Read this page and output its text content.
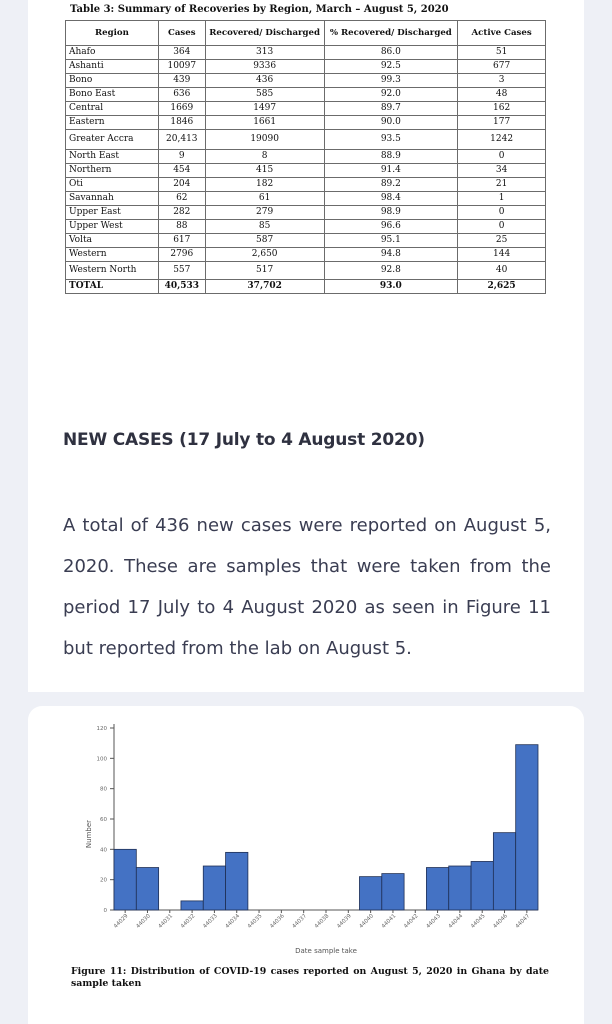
Table 3: Summary of Recoveries by Region, March – August 5, 2020
Region	Cases	Recovered/ Discharged	% Recovered/ Discharged	Active Cases
Ahafo	364	313	86.0	51
Ashanti	10097	9336	92.5	677
Bono	439	436	99.3	3
Bono East	636	585	92.0	48
Central	1669	1497	89.7	162
Eastern	1846	1661	90.0	177
Greater Accra	20,413	19090	93.5	1242
North East	9	8	88.9	0
Northern	454	415	91.4	34
Oti	204	182	89.2	21
Savannah	62	61	98.4	1
Upper East	282	279	98.9	0
Upper West	88	85	96.6	0
Volta	617	587	95.1	25
Western	2796	2,650	94.8	144
Western North	557	517	92.8	40
TOTAL	40,533	37,702	93.0	2,625
NEW CASES (17 July to 4 August 2020)

A total of 436 new cases were reported on August 5, 2020. These are samples that were taken from the period 17 July to 4 August 2020 as seen in Figure 11 but reported from the lab on August 5.

0
20
40
60
80
100
120
44029 44030 44031 44032 44033 44034 44035 44036 44037 44038 44039 44040 44041 44042 44043 44044 44045 44046 44047
Date sample take
Number

Figure 11: Distribution of COVID-19 cases reported on August 5, 2020 in Ghana by date sample taken
